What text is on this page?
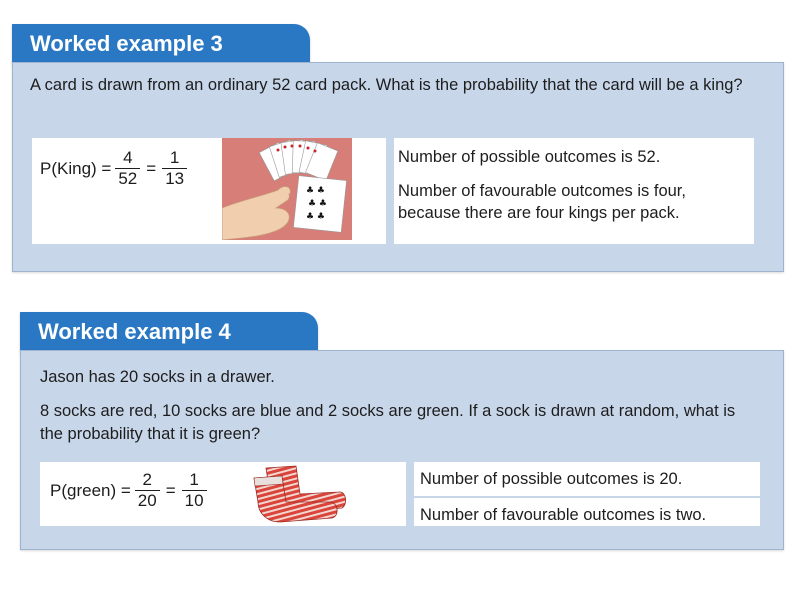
Worked example 3
A card is drawn from an ordinary 52 card pack. What is the probability that the card will be a king?
P(King) = $\frac{4}{52} = \frac{1}{13}$
♣ ♣
♣ ♣
♣ ♣
Number of possible outcomes is 52.
Number of favourable outcomes is four, because there are four kings per pack.
Worked example 4
Jason has 20 socks in a drawer.
8 socks are red, 10 socks are blue and 2 socks are green. If a sock is drawn at random, what is the probability that it is green?
P(green) = $\frac{2}{20} = \frac{1}{10}$	Number of possible outcomes is 20.
Number of favourable outcomes is two.
